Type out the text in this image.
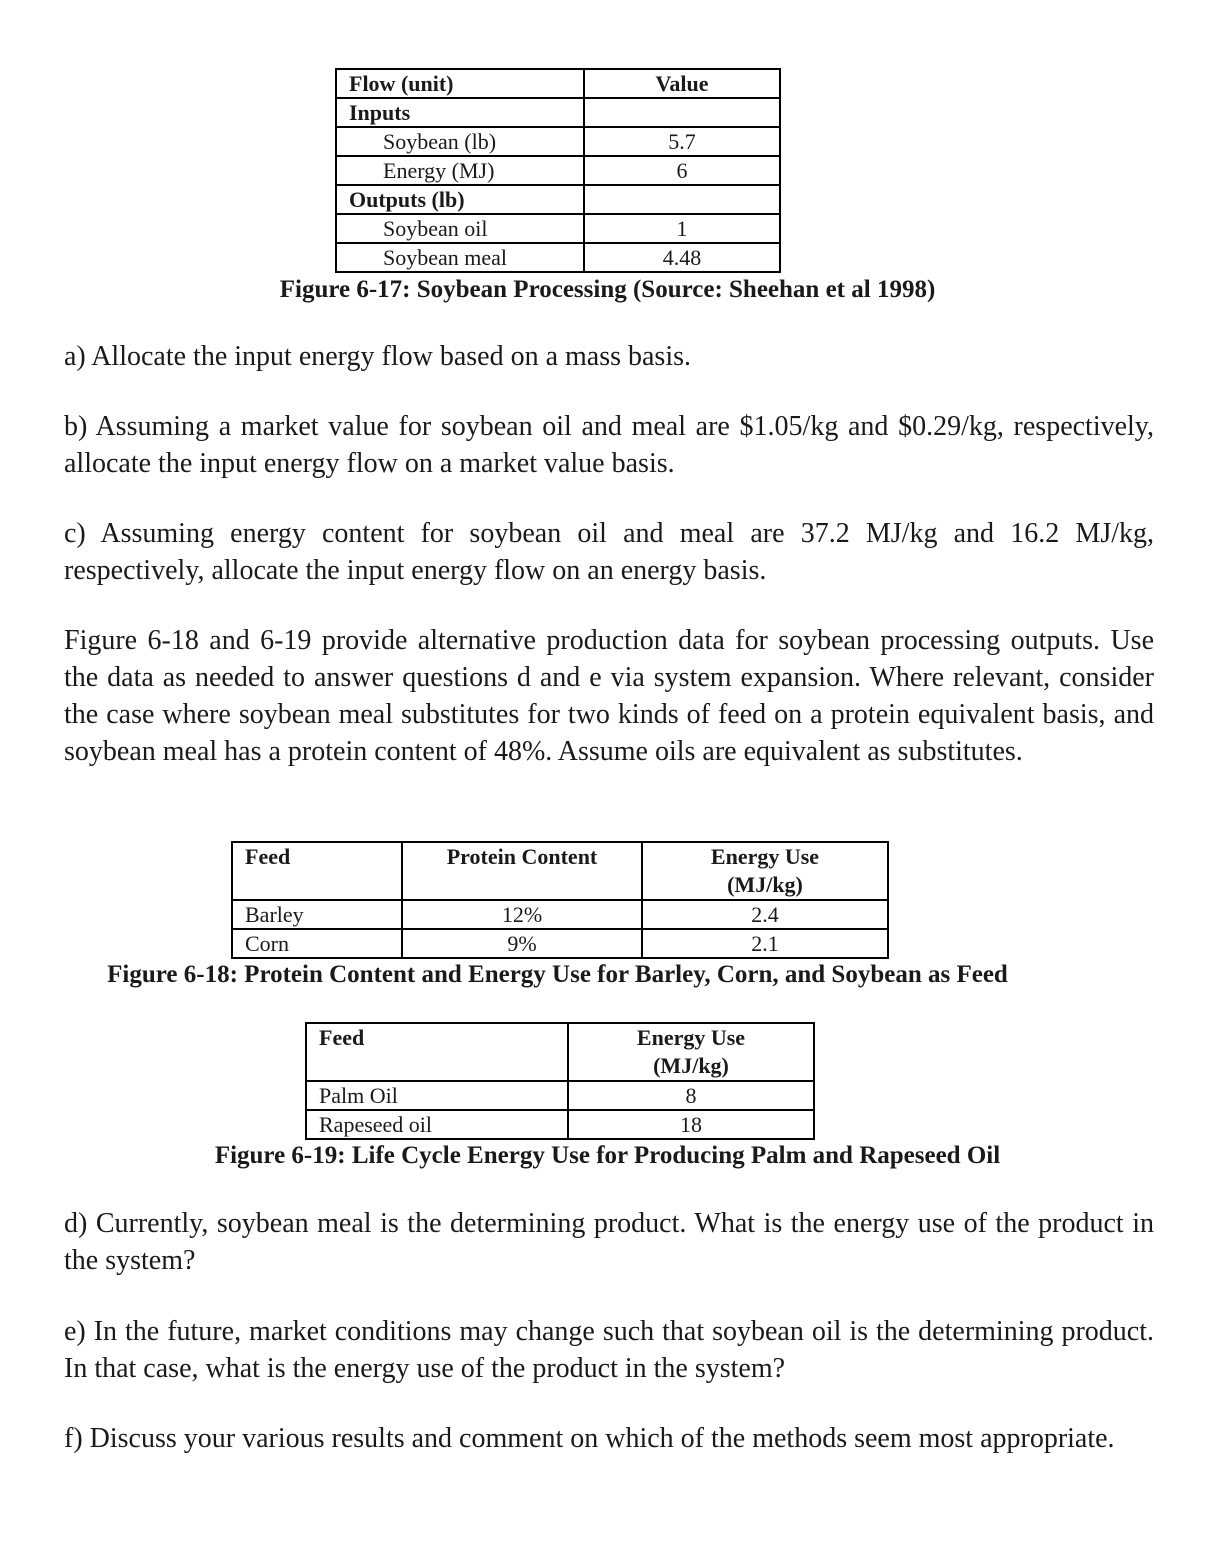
Flow (unit)	Value
Inputs	
Soybean (lb)	5.7
Energy (MJ)	6
Outputs (lb)	
Soybean oil	1
Soybean meal	4.48
Figure 6-17: Soybean Processing (Source: Sheehan et al 1998)

a) Allocate the input energy flow based on a mass basis.

b) Assuming a market value for soybean oil and meal are $1.05/kg and $0.29/kg, respectively, allocate the input energy flow on a market value basis.

c) Assuming energy content for soybean oil and meal are 37.2 MJ/kg and 16.2 MJ/kg, respectively, allocate the input energy flow on an energy basis.

Figure 6-18 and 6-19 provide alternative production data for soybean processing outputs. Use the data as needed to answer questions d and e via system expansion. Where relevant, consider the case where soybean meal substitutes for two kinds of feed on a protein equivalent basis, and soybean meal has a protein content of 48%. Assume oils are equivalent as substitutes.

Feed	Protein Content	Energy Use
(MJ/kg)

Barley	12%	2.4
Corn	9%	2.1
Figure 6-18: Protein Content and Energy Use for Barley, Corn, and Soybean as Feed
Feed	Energy Use
(MJ/kg)

Palm Oil	8
Rapeseed oil	18
Figure 6-19: Life Cycle Energy Use for Producing Palm and Rapeseed Oil

d) Currently, soybean meal is the determining product. What is the energy use of the product in the system?

e) In the future, market conditions may change such that soybean oil is the determining product. In that case, what is the energy use of the product in the system?

f) Discuss your various results and comment on which of the methods seem most appropriate.
